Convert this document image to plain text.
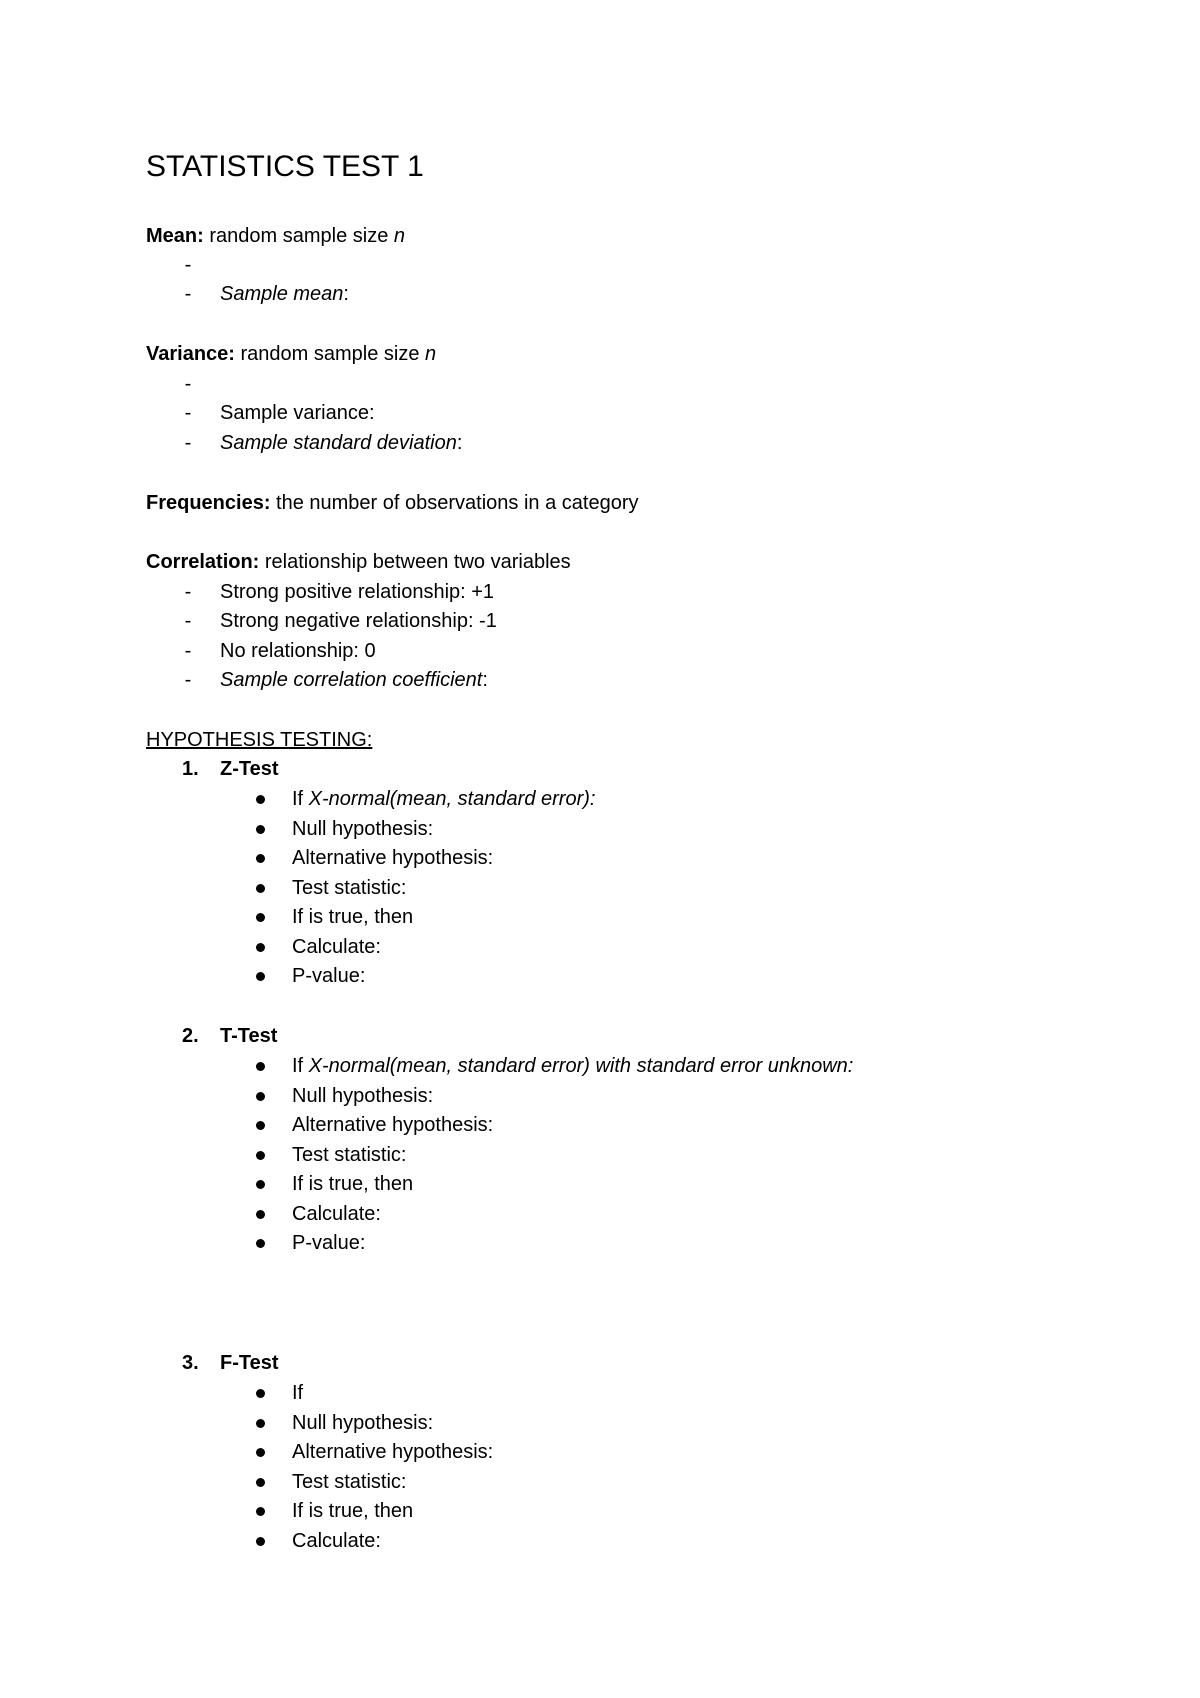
STATISTICS TEST 1
Mean: random sample size n
-
-	Sample mean:
Variance: random sample size n
-
-	Sample variance:
-	Sample standard deviation:
Frequencies: the number of observations in a category
Correlation: relationship between two variables
-	Strong positive relationship: +1
-	Strong negative relationship: -1
-	No relationship: 0
-	Sample correlation coefficient:
HYPOTHESIS TESTING:
1. Z-Test
If X-normal(mean, standard error):
Null hypothesis:
Alternative hypothesis:
Test statistic:
If is true, then
Calculate:
P-value:
2. T-Test
If X-normal(mean, standard error) with standard error unknown:
Null hypothesis:
Alternative hypothesis:
Test statistic:
If is true, then
Calculate:
P-value:
3. F-Test
If
Null hypothesis:
Alternative hypothesis:
Test statistic:
If is true, then
Calculate:
